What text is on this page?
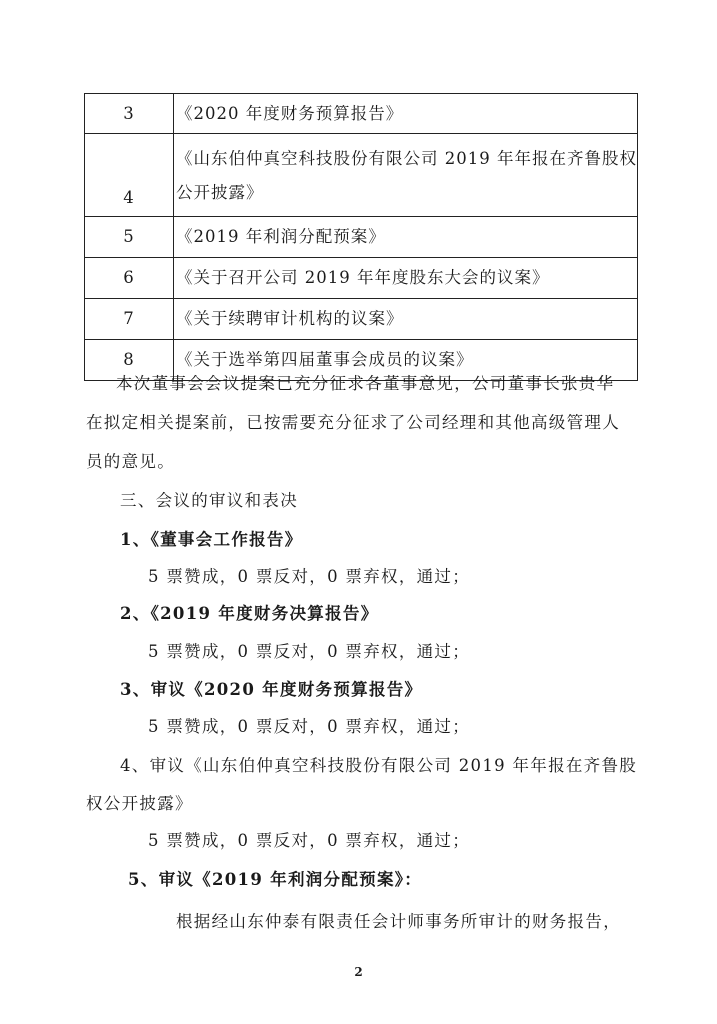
3	《2020 年度财务预算报告》
4	《山东伯仲真空科技股份有限公司 2019 年年报在齐鲁股权公开披露》
5	《2019 年利润分配预案》
6	《关于召开公司 2019 年年度股东大会的议案》
7	《关于续聘审计机构的议案》
8	《关于选举第四届董事会成员的议案》
本次董事会会议提案已充分征求各董事意见，公司董事长张贵华
在拟定相关提案前，已按需要充分征求了公司经理和其他高级管理人
员的意见。
三、会议的审议和表决
1、《董事会工作报告》
5 票赞成，0 票反对，0 票弃权，通过；
2、《2019 年度财务决算报告》
5 票赞成，0 票反对，0 票弃权，通过；
3、审议《2020 年度财务预算报告》
5 票赞成，0 票反对，0 票弃权，通过；
4、审议《山东伯仲真空科技股份有限公司 2019 年年报在齐鲁股
权公开披露》
5 票赞成，0 票反对，0 票弃权，通过；
5、审议《2019 年利润分配预案》：
根据经山东仲泰有限责任会计师事务所审计的财务报告，
2
